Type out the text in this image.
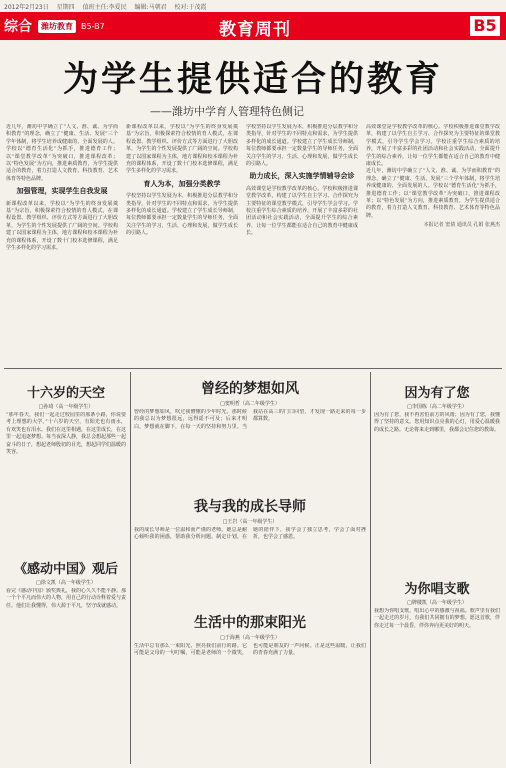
2012年2月23日 星期四 值班主任:李爱民 编辑:马朝君 校对:于茂霞
综合	潍坊教育	B5-B7	教育周刊	B5
为学生提供适合的教育
——潍坊中学育人管理特色侧记
近几年，潍坊中学确立了“人文、淮、诚、为学而积教育”的理念，确立了“健康、生活、发展”三个学年体制，将学生培养成健康的、全面发展的人。学校以“德育生活化”为抓手，推进德育工作；以“课堂教学改革”为突破口，推进课程改革；以“特色发展”为方向，推进素质教育，为学生提供适合的教育，着力打造人文教育、科技教育、艺术体育等特色品牌。
加强管理，实现学生自我发展
新课程改革以来，学校以“为学生的终身发展奠基”为宗旨，积极探索符合校情的育人模式，在课程设置、教学组织、评价方式等方面进行了大胆改革，为学生的个性发展提供了广阔的空间。学校构建了以国家课程为主体，地方课程和校本课程为补充的课程体系，开设了数十门校本选修课程，满足学生多样化的学习需求。
新课程改革以来，学校以“为学生的终身发展奠基”为宗旨，积极探索符合校情的育人模式，在课程设置、教学组织、评价方式等方面进行了大胆改革，为学生的个性发展提供了广阔的空间。学校构建了以国家课程为主体，地方课程和校本课程为补充的课程体系，开设了数十门校本选修课程，满足学生多样化的学习需求。
育人为本，加强分类教学
学校坚持以学生发展为本，积极推进分层教学和分类指导，针对学生的不同特点和需求，为学生提供多样化的成长通道。学校建立了学生成长导师制，每位教师都要承担一定数量学生的导师任务，全面关注学生的学习、生活、心理和发展，做学生成长的引路人。
学校坚持以学生发展为本，积极推进分层教学和分类指导，针对学生的不同特点和需求，为学生提供多样化的成长通道。学校建立了学生成长导师制，每位教师都要承担一定数量学生的导师任务，全面关注学生的学习、生活、心理和发展，做学生成长的引路人。
助力成长，深入实施学情辅导会诊
高效课堂是学校教学改革的核心。学校积极推进课堂教学改革，构建了以学生自主学习、合作探究为主要特征的课堂教学模式，引导学生学会学习。学校注重学生综合素质的培养，开展了丰富多彩的社团活动和社会实践活动，全面提升学生的综合素养，让每一位学生都能在适合自己的教育中健康成长。
高效课堂是学校教学改革的核心。学校积极推进课堂教学改革，构建了以学生自主学习、合作探究为主要特征的课堂教学模式，引导学生学会学习。学校注重学生综合素质的培养，开展了丰富多彩的社团活动和社会实践活动，全面提升学生的综合素养，让每一位学生都能在适合自己的教育中健康成长。
近几年，潍坊中学确立了“人文、淮、诚、为学而积教育”的理念，确立了“健康、生活、发展”三个学年体制，将学生培养成健康的、全面发展的人。学校以“德育生活化”为抓手，推进德育工作；以“课堂教学改革”为突破口，推进课程改革；以“特色发展”为方向，推进素质教育，为学生提供适合的教育，着力打造人文教育、科技教育、艺术体育等特色品牌。
本报记者 窦倩 通讯员 孔娟 张燕杰
十六岁的天空
□孙琦（高一年级学生）
“那年春天，我们一起走过校园里的那条小路，你说要考上理想的大学。”十六岁的天空，有阳光也有雨水，有欢笑也有泪水。我们在这里相遇，在这里成长，在这里一起追逐梦想。每当夜深人静，我总会想起那些一起奋斗的日子，想起老师殷切的目光，想起同学们温暖的笑容。
《感动中国》观后
□徐文凯（高一年级学生）
看完《感动中国》颁奖典礼，我的心久久不能平静。那一个个平凡而伟大的人物，用自己的行动诠释着爱与责任。他们让我懂得，伟大源于平凡，坚守成就感动。
曾经的梦想如风
□窦明哲（高二年级学生）
曾经的梦想如风，吹过我懵懂的少年时光。那时候的我总以为梦想很远，远得遥不可及；后来才明白，梦想就在脚下，在每一天的坚持和努力里。当我站在高三的门口回望，才发现一路走来的每一步都算数。
我与我的成长导师
□王岩（高一年级学生）
我的成长导师是一位温和而严谨的老师。她总是耐心倾听我的困惑，帮助我分析问题、制定计划。在她的陪伴下，我学会了独立思考，学会了面对挫折，也学会了感恩。
生活中的那束阳光
□于海燕（高一年级学生）
生活中总有那么一束阳光，照亮我们前行的路。它可能是父母的一句叮嘱，可能是老师的一个微笑，也可能是朋友的一声问候。正是这些温暖，让我们的青春充满了力量。
因为有了您
□李国栋（高二年级学生）
因为有了您，我不再害怕前方的风雨；因为有了您，我懂得了坚持的意义。您用知识点亮我的心灯，用爱心温暖我的成长之路。无论将来走到哪里，我都会记住您的教诲。
为你唱支歌
□牌楼凯（高一年级学生）
我想为你唱支歌，唱出心中的感激与祝福。歌声里有我们一起走过的岁月，有我们共同拥有的梦想。愿这首歌，伴你走过每一个晨昏，伴你奔向更美好的明天。
